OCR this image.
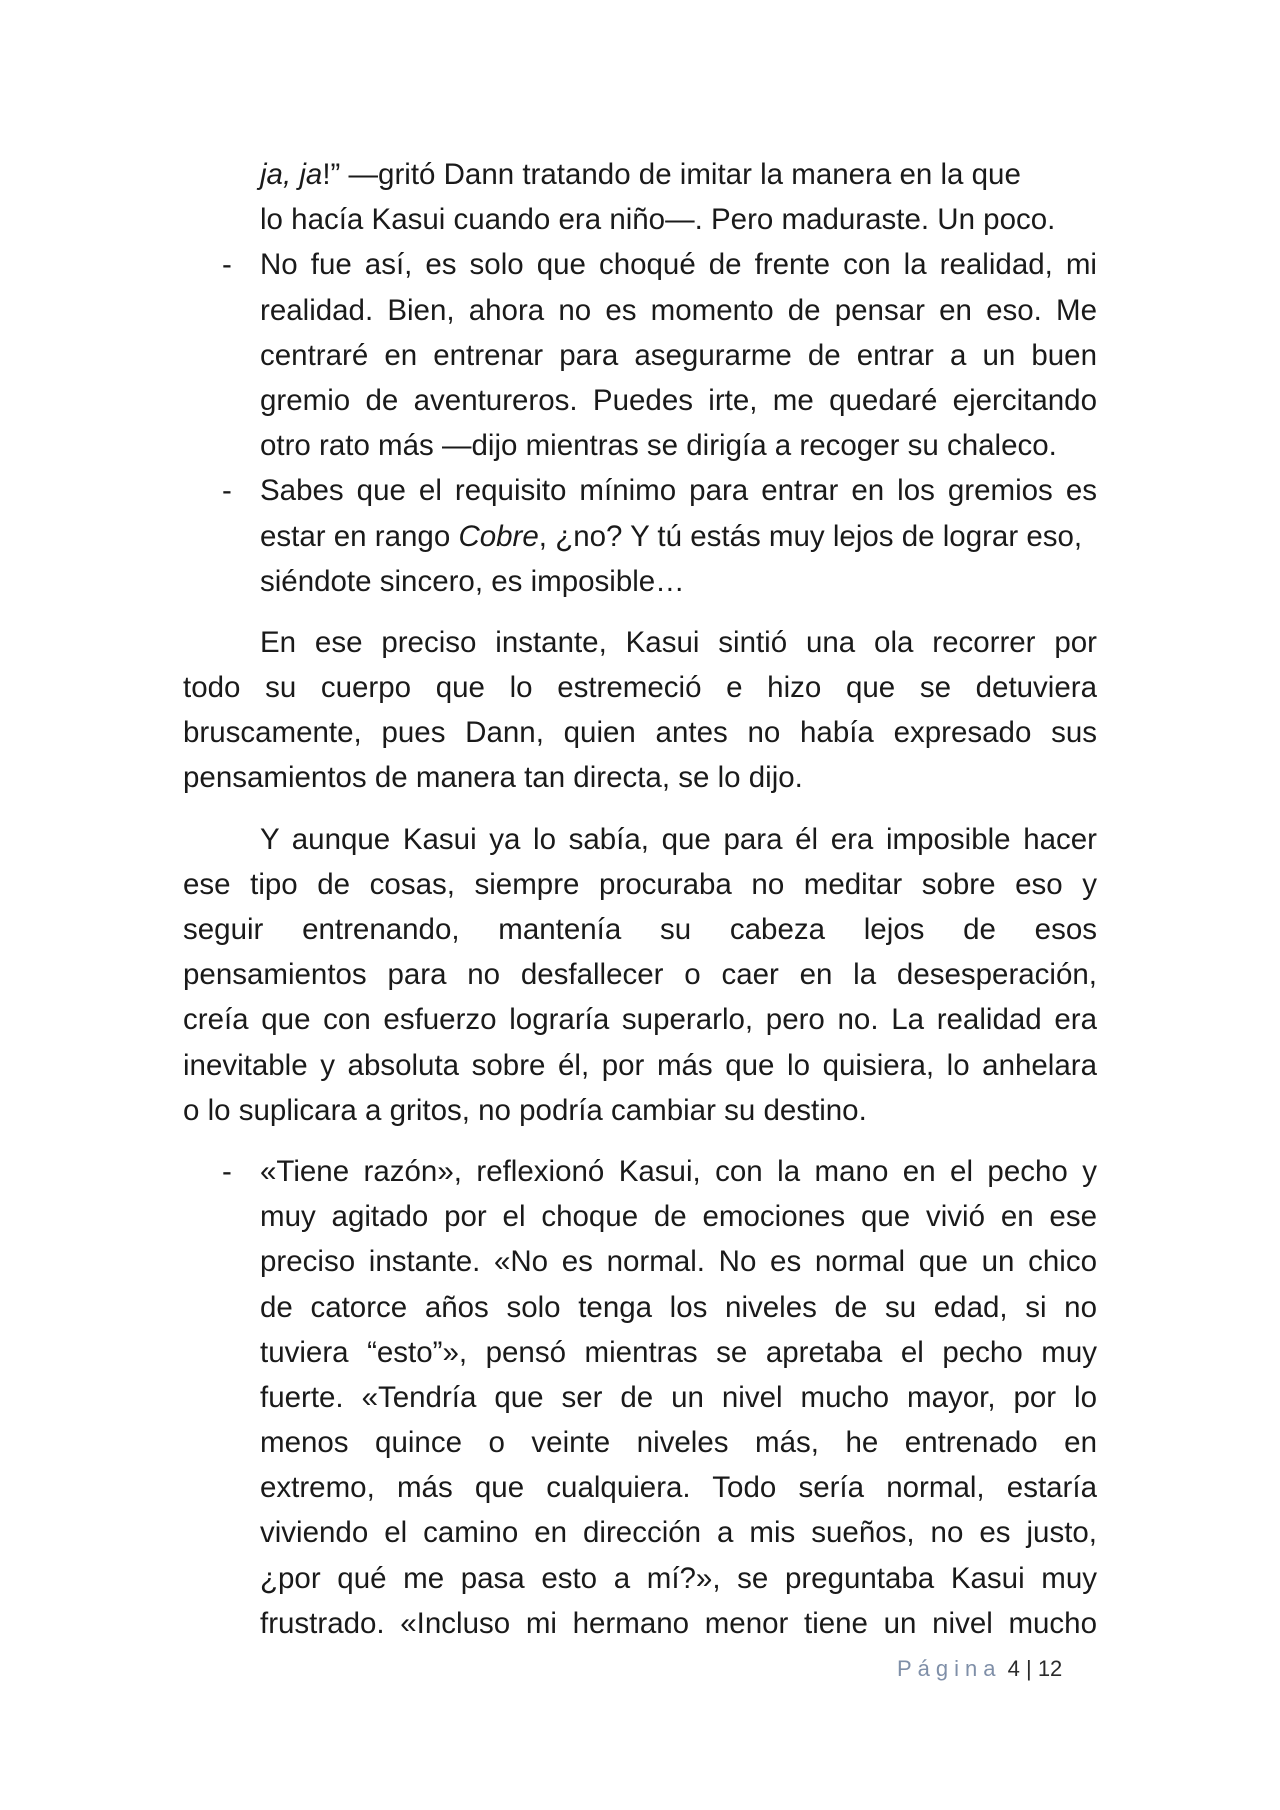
ja, ja!” —gritó Dann tratando de imitar la manera en la que
lo hacía Kasui cuando era niño—. Pero maduraste. Un poco.
- No fue así, es solo que choqué de frente con la realidad, mi
realidad. Bien, ahora no es momento de pensar en eso. Me
centraré en entrenar para asegurarme de entrar a un buen
gremio de aventureros. Puedes irte, me quedaré ejercitando
otro rato más —dijo mientras se dirigía a recoger su chaleco.
- Sabes que el requisito mínimo para entrar en los gremios es
estar en rango Cobre, ¿no? Y tú estás muy lejos de lograr eso,
siéndote sincero, es imposible…
En ese preciso instante, Kasui sintió una ola recorrer por
todo su cuerpo que lo estremeció e hizo que se detuviera
bruscamente, pues Dann, quien antes no había expresado sus
pensamientos de manera tan directa, se lo dijo.
Y aunque Kasui ya lo sabía, que para él era imposible hacer
ese tipo de cosas, siempre procuraba no meditar sobre eso y
seguir entrenando, mantenía su cabeza lejos de esos
pensamientos para no desfallecer o caer en la desesperación,
creía que con esfuerzo lograría superarlo, pero no. La realidad era
inevitable y absoluta sobre él, por más que lo quisiera, lo anhelara
o lo suplicara a gritos, no podría cambiar su destino.
- «Tiene razón», reflexionó Kasui, con la mano en el pecho y
muy agitado por el choque de emociones que vivió en ese
preciso instante. «No es normal. No es normal que un chico
de catorce años solo tenga los niveles de su edad, si no
tuviera “esto”», pensó mientras se apretaba el pecho muy
fuerte. «Tendría que ser de un nivel mucho mayor, por lo
menos quince o veinte niveles más, he entrenado en
extremo, más que cualquiera. Todo sería normal, estaría
viviendo el camino en dirección a mis sueños, no es justo,
¿por qué me pasa esto a mí?», se preguntaba Kasui muy
frustrado. «Incluso mi hermano menor tiene un nivel mucho
Página 4 | 12
